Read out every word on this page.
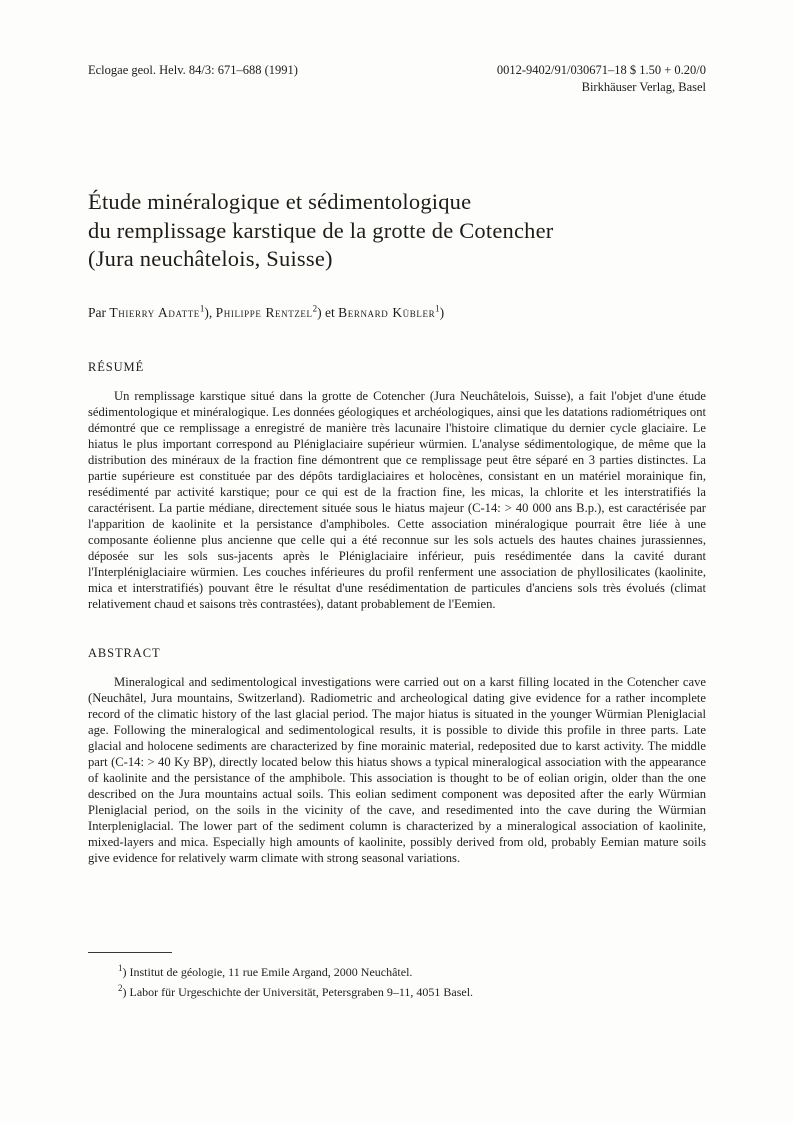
Eclogae geol. Helv. 84/3: 671–688 (1991)	0012-9402/91/030671–18 $ 1.50 + 0.20/0
Birkhäuser Verlag, Basel
Étude minéralogique et sédimentologique
du remplissage karstique de la grotte de Cotencher
(Jura neuchâtelois, Suisse)

Par Thierry Adatte$^1$), Philippe Rentzel$^2$) et Bernard Kübler$^1$)

RÉSUMÉ

Un remplissage karstique situé dans la grotte de Cotencher (Jura Neuchâtelois, Suisse), a fait l'objet d'une étude sédimentologique et minéralogique. Les données géologiques et archéologiques, ainsi que les datations radiométriques ont démontré que ce remplissage a enregistré de manière très lacunaire l'histoire climatique du dernier cycle glaciaire. Le hiatus le plus important correspond au Pléniglaciaire supérieur würmien. L'analyse sédimentologique, de même que la distribution des minéraux de la fraction fine démontrent que ce remplissage peut être séparé en 3 parties distinctes. La partie supérieure est constituée par des dépôts tardiglaciaires et holocènes, consistant en un matériel morainique fin, resédimenté par activité karstique; pour ce qui est de la fraction fine, les micas, la chlorite et les interstratifiés la caractérisent. La partie médiane, directement située sous le hiatus majeur (C-14: > 40 000 ans B.p.), est caractérisée par l'apparition de kaolinite et la persistance d'amphiboles. Cette association minéralogique pourrait être liée à une composante éolienne plus ancienne que celle qui a été reconnue sur les sols actuels des hautes chaines jurassiennes, déposée sur les sols sus-jacents après le Pléniglaciaire inférieur, puis resédimentée dans la cavité durant l'Interpléniglaciaire würmien. Les couches inférieures du profil renferment une association de phyllosilicates (kaolinite, mica et interstratifiés) pouvant être le résultat d'une resédimentation de particules d'anciens sols très évolués (climat relativement chaud et saisons très contrastées), datant probablement de l'Eemien.

ABSTRACT

Mineralogical and sedimentological investigations were carried out on a karst filling located in the Cotencher cave (Neuchâtel, Jura mountains, Switzerland). Radiometric and archeological dating give evidence for a rather incomplete record of the climatic history of the last glacial period. The major hiatus is situated in the younger Würmian Pleniglacial age. Following the mineralogical and sedimentological results, it is possible to divide this profile in three parts. Late glacial and holocene sediments are characterized by fine morainic material, redeposited due to karst activity. The middle part (C-14: > 40 Ky BP), directly located below this hiatus shows a typical mineralogical association with the appearance of kaolinite and the persistance of the amphibole. This association is thought to be of eolian origin, older than the one described on the Jura mountains actual soils. This eolian sediment component was deposited after the early Würmian Pleniglacial period, on the soils in the vicinity of the cave, and resedimented into the cave during the Würmian Interpleniglacial. The lower part of the sediment column is characterized by a mineralogical association of kaolinite, mixed-layers and mica. Especially high amounts of kaolinite, possibly derived from old, probably Eemian mature soils give evidence for relatively warm climate with strong seasonal variations.

$^1$) Institut de géologie, 11 rue Emile Argand, 2000 Neuchâtel.
$^2$) Labor für Urgeschichte der Universität, Petersgraben 9–11, 4051 Basel.
